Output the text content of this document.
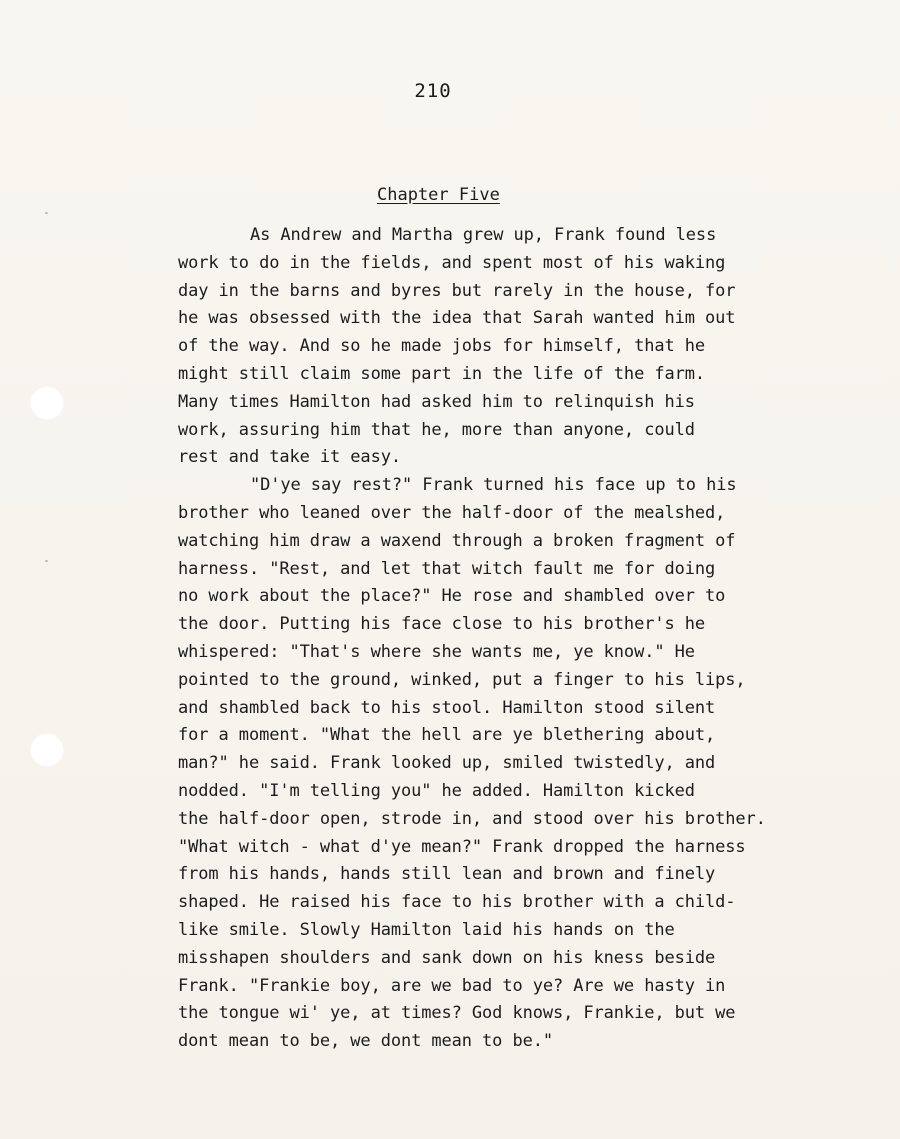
210
Chapter Five
As Andrew and Martha grew up, Frank found less
work to do in the fields, and spent most of his waking
day in the barns and byres but rarely in the house, for
he was obsessed with the idea that Sarah wanted him out
of the way. And so he made jobs for himself, that he
might still claim some part in the life of the farm.
Many times Hamilton had asked him to relinquish his
work, assuring him that he, more than anyone, could
rest and take it easy.
"D'ye say rest?" Frank turned his face up to his
brother who leaned over the half-door of the mealshed,
watching him draw a waxend through a broken fragment of
harness. "Rest, and let that witch fault me for doing
no work about the place?" He rose and shambled over to
the door. Putting his face close to his brother's he
whispered: "That's where she wants me, ye know." He
pointed to the ground, winked, put a finger to his lips,
and shambled back to his stool. Hamilton stood silent
for a moment. "What the hell are ye blethering about,
man?" he said. Frank looked up, smiled twistedly, and
nodded. "I'm telling you" he added. Hamilton kicked
the half-door open, strode in, and stood over his brother.
"What witch - what d'ye mean?" Frank dropped the harness
from his hands, hands still lean and brown and finely
shaped. He raised his face to his brother with a child-
like smile. Slowly Hamilton laid his hands on the
misshapen shoulders and sank down on his kness beside
Frank. "Frankie boy, are we bad to ye? Are we hasty in
the tongue wi' ye, at times? God knows, Frankie, but we
dont mean to be, we dont mean to be."
